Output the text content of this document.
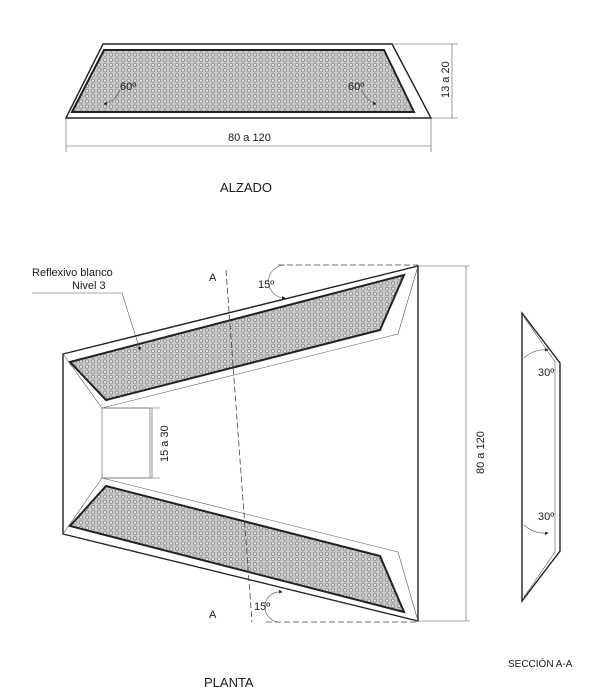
60º	60º	13 a 20
80 a 120
ALZADO
A
A
15º
15º
Reflexivo blanco
Nivel 3
15 a 30	80 a 120
PLANTA
30º
30º
SECCIÓN A-A
